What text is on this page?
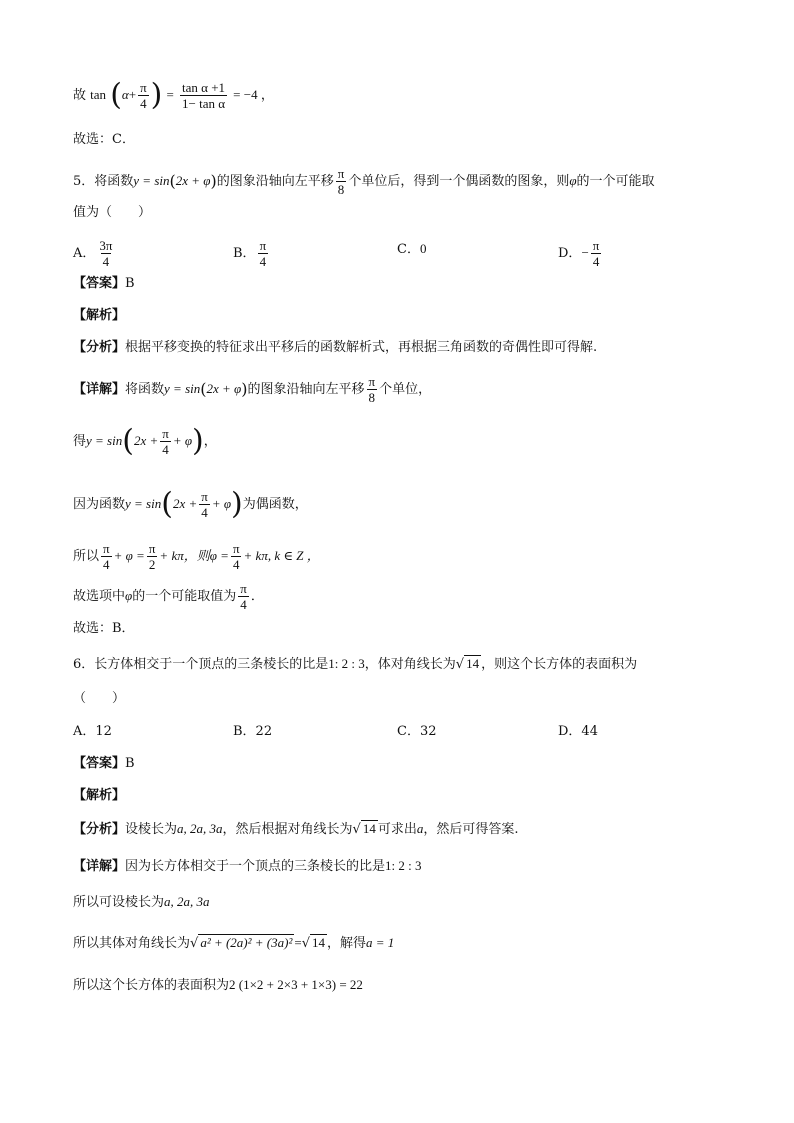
故 $\tan (\alpha+ \frac{\pi}{4}$ ) = $\frac{\text{tan α +1}}{\text{1− tan α}} = -4$ ，
故选：C．
5．将函数y = sin(2x + φ)的图象沿轴向左平移 $\frac{\pi}{8}$ 个单位后，得到一个偶函数的图象，则φ的一个可能取
值为（　　）
A． $\frac{3\pi}{4}$	B． $\frac{\pi}{4}$	C．0	D．− $\frac{\pi}{4}$
【答案】B
【解析】
【分析】根据平移变换的特征求出平移后的函数解析式，再根据三角函数的奇偶性即可得解.
【详解】将函数y = sin(2x + φ)的图象沿轴向左平移 $\frac{\pi}{8}$ 个单位，
得$y = \sin(2x + \frac{\pi}{4} + \varphi)$，
因为函数$y = \sin(2x + \frac{\pi}{4} + \varphi)$为偶函数，
所以 $\frac{\pi}{4} + \varphi = \frac{\pi}{2} + k\pi$，则$\varphi = \frac{\pi}{4} + k\pi$, k ∈ Z ，
故选项中φ的一个可能取值为 $\frac{\pi}{4}$ ．
故选：B．
6．长方体相交于一个顶点的三条棱长的比是1: 2 : 3，体对角线长为√ 14 ，则这个长方体的表面积为
（　　）
A．12	B．22	C．32	D．44
【答案】B
【解析】
【分析】设棱长为a, 2a, 3a，然后根据对角线长为√ 14 可求出a，然后可得答案.
【详解】因为长方体相交于一个顶点的三条棱长的比是1: 2 : 3
所以可设棱长为a, 2a, 3a
所以其体对角线长为√ a² + (2a)² + (3a)² =√ 14 ，解得a = 1
所以这个长方体的表面积为2 (1×2 + 2×3 + 1×3) = 22
